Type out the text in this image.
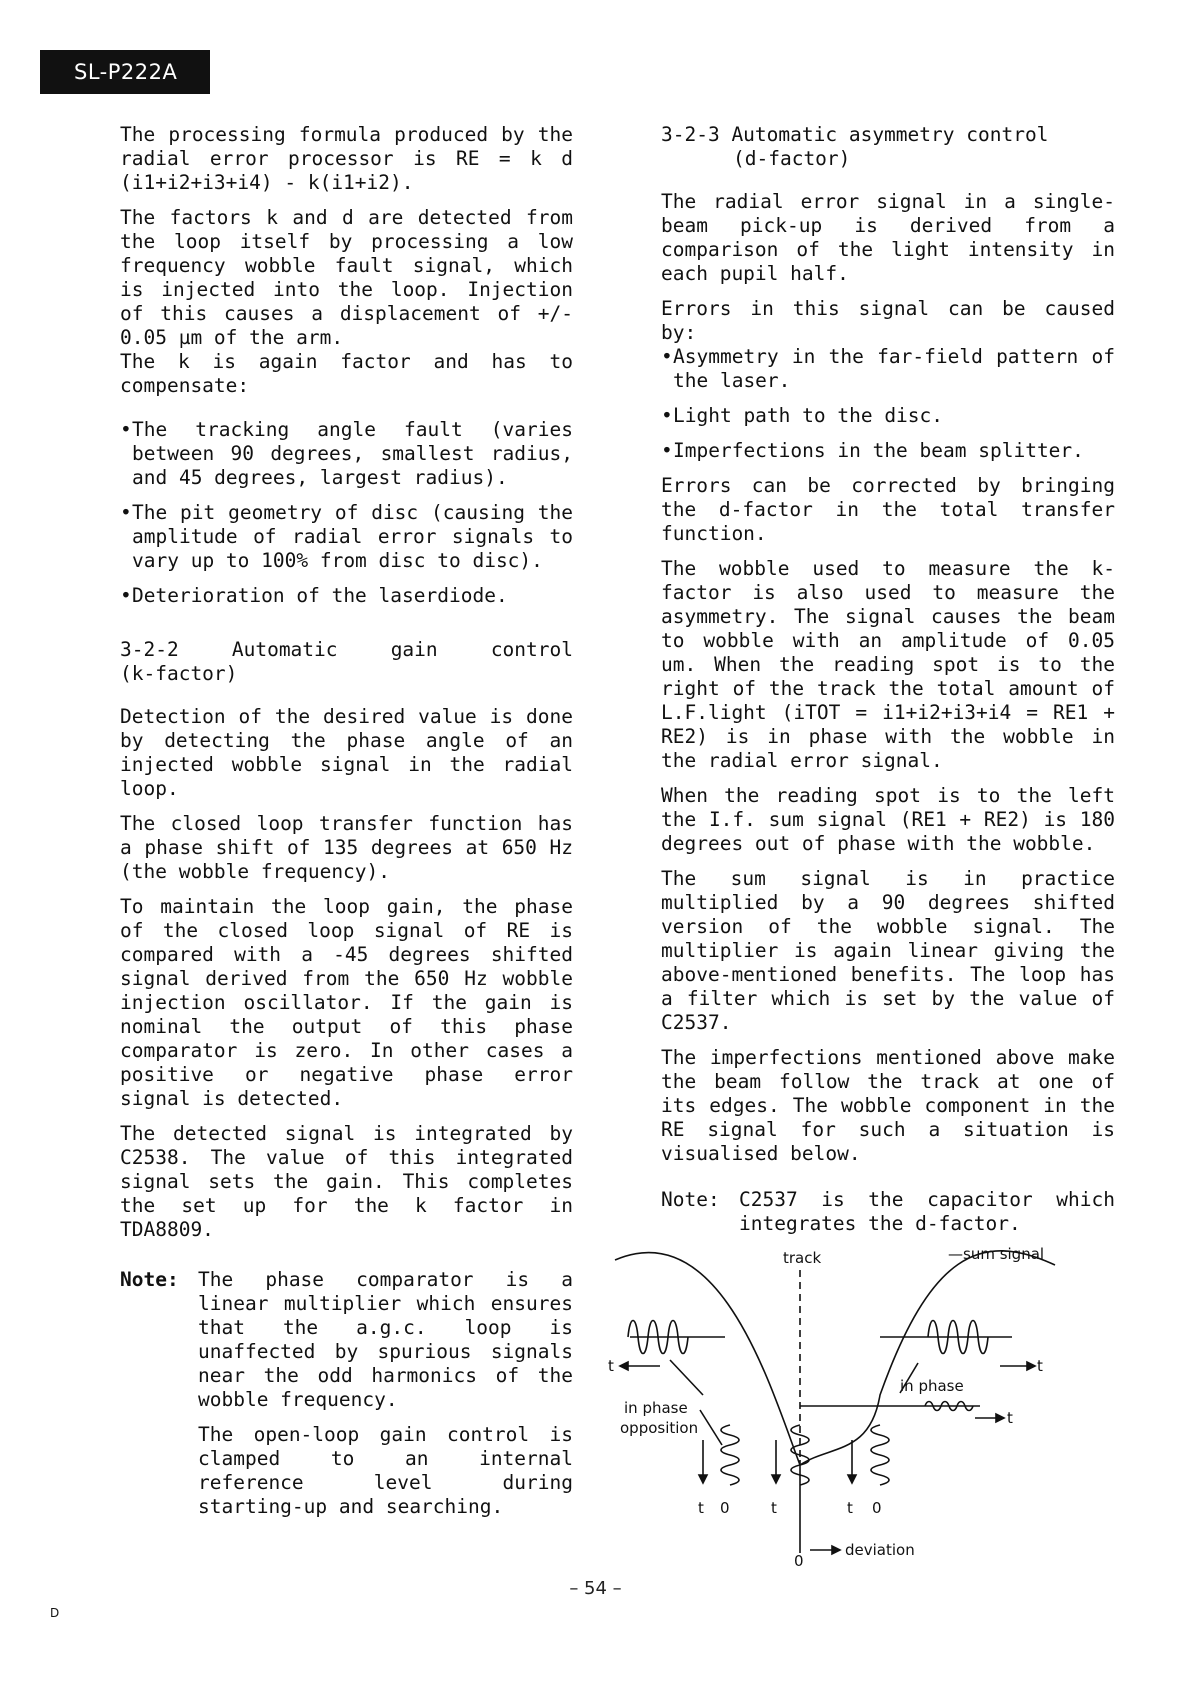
SL-P222A

The processing formula produced by the radial error processor is RE = k d (i1+i2+i3+i4) - k(i1+i2).

The factors k and d are detected from the loop itself by processing a low frequency wobble fault signal, which is injected into the loop. Injection of this causes a displacement of +/- 0.05 µm of the arm.

The k is again factor and has to compensate:

• The tracking angle fault (varies between 90 degrees, smallest radius, and 45 degrees, largest radius).
• The pit geometry of disc (causing the amplitude of radial error signals to vary up to 100% from disc to disc).
• Deterioration of the laserdiode.
3-2-2	Automatic	gain	control
(k-factor)

Detection of the desired value is done by detecting the phase angle of an injected wobble signal in the radial loop.

The closed loop transfer function has a phase shift of 135 degrees at 650 Hz (the wobble frequency).

To maintain the loop gain, the phase of the closed loop signal of RE is compared with a -45 degrees shifted signal derived from the 650 Hz wobble injection oscillator. If the gain is nominal the output of this phase comparator is zero. In other cases a positive or negative phase error signal is detected.

The detected signal is integrated by C2538. The value of this integrated signal sets the gain. This completes the set up for the k factor in TDA8809.

Note: The phase comparator is a linear multiplier which ensures that the a.g.c. loop is unaffected by spurious signals near the odd harmonics of the wobble frequency.

The open-loop gain control is clamped to an internal reference level during starting-up and searching.

3-2-3 Automatic asymmetry control
(d-factor)

The radial error signal in a single-beam pick-up is derived from a comparison of the light intensity in each pupil half.

Errors in this signal can be caused by:

• Asymmetry in the far-field pattern of the laser.
• Light path to the disc.
• Imperfections in the beam splitter.

Errors can be corrected by bringing the d-factor in the total transfer function.

The wobble used to measure the k-factor is also used to measure the asymmetry. The signal causes the beam to wobble with an amplitude of 0.05 um. When the reading spot is to the right of the track the total amount of L.F.light (iTOT = i1+i2+i3+i4 = RE1 + RE2) is in phase with the wobble in the radial error signal.

When the reading spot is to the left the I.f. sum signal (RE1 + RE2) is 180 degrees out of phase with the wobble.

The sum signal is in practice multiplied by a 90 degrees shifted version of the wobble signal. The multiplier is again linear giving the above-mentioned benefits. The loop has a filter which is set by the value of C2537.

The imperfections mentioned above make the beam follow the track at one of its edges. The wobble component in the RE signal for such a situation is visualised below.

Note: C2537 is the capacitor which
integrates the d-factor.
track	—sum signal
in phase
in phase
opposition
t	t
t
t 0	t	t 0
0
deviation
– 54 –
D
